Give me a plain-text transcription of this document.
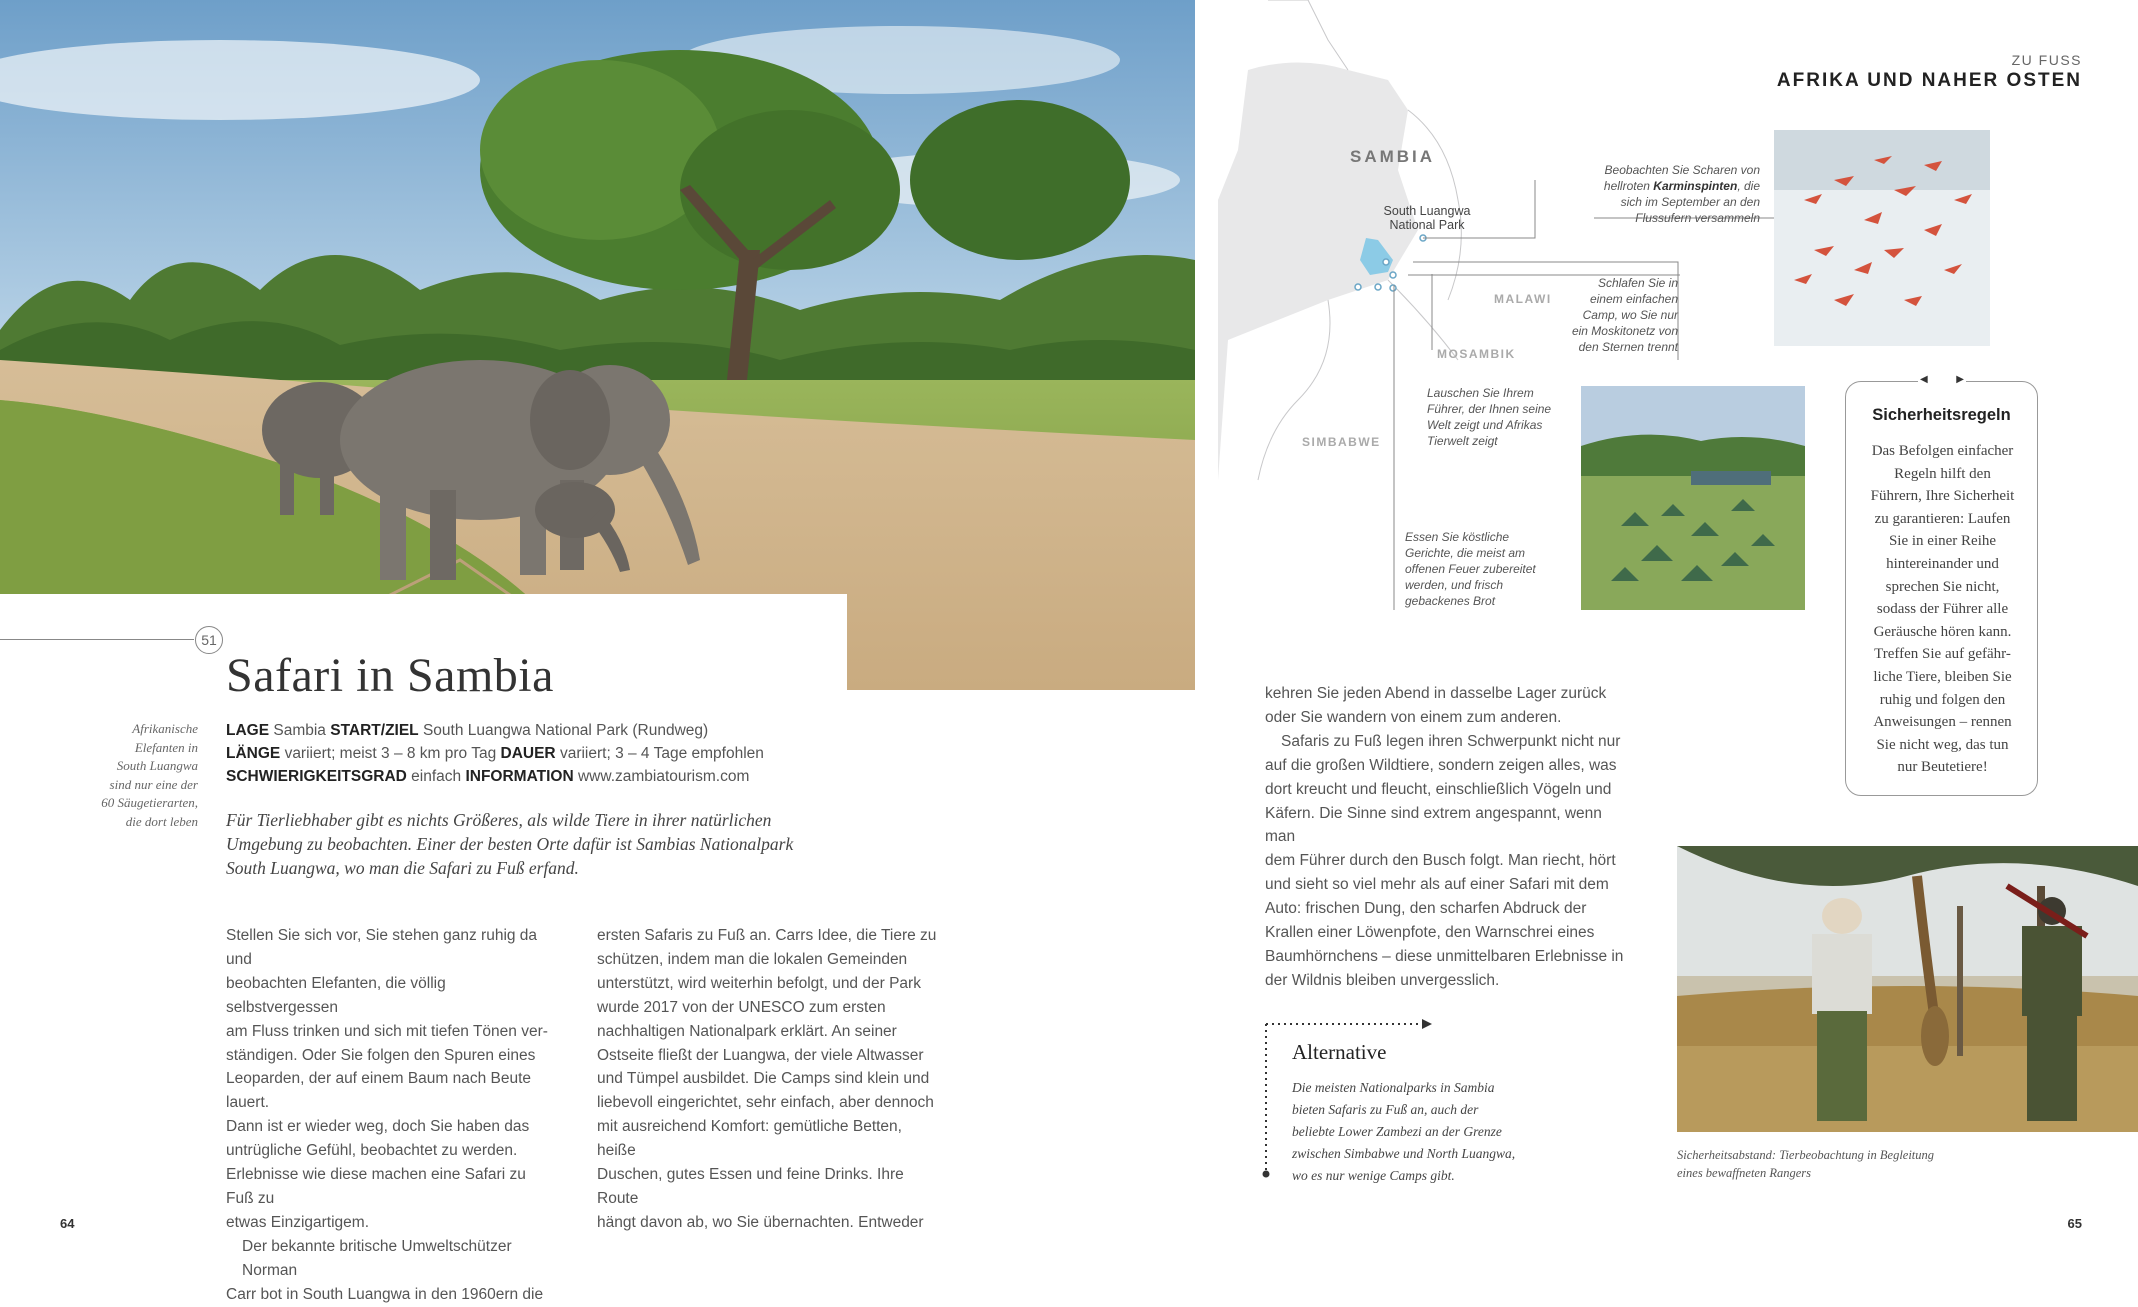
51
Safari in Sambia
Afrikanische
Elefanten in
South Luangwa
sind nur eine der
60 Säugetierarten,
die dort leben
LAGE Sambia START/ZIEL South Luangwa National Park (Rundweg)
LÄNGE variiert; meist 3 – 8 km pro Tag DAUER variiert; 3 – 4 Tage empfohlen
SCHWIERIGKEITSGRAD einfach INFORMATION www.zambiatourism.com
Für Tierliebhaber gibt es nichts Größeres, als wilde Tiere in ihrer natürlichen
Umgebung zu beobachten. Einer der besten Orte dafür ist Sambias Nationalpark
South Luangwa, wo man die Safari zu Fuß erfand.
Stellen Sie sich vor, Sie stehen ganz ruhig da und
beobachten Elefanten, die völlig selbstvergessen
am Fluss trinken und sich mit tiefen Tönen ver-
ständigen. Oder Sie folgen den Spuren eines
Leoparden, der auf einem Baum nach Beute lauert.
Dann ist er wieder weg, doch Sie haben das
untrügliche Gefühl, beobachtet zu werden.
Erlebnisse wie diese machen eine Safari zu Fuß zu
etwas Einzigartigem.
Der bekannte britische Umweltschützer Norman
Carr bot in South Luangwa in den 1960ern die
ersten Safaris zu Fuß an. Carrs Idee, die Tiere zu
schützen, indem man die lokalen Gemeinden
unterstützt, wird weiterhin befolgt, und der Park
wurde 2017 von der UNESCO zum ersten
nachhaltigen Nationalpark erklärt. An seiner
Ostseite fließt der Luangwa, der viele Altwasser
und Tümpel ausbildet. Die Camps sind klein und
liebevoll eingerichtet, sehr einfach, aber dennoch
mit ausreichend Komfort: gemütliche Betten, heiße
Duschen, gutes Essen und feine Drinks. Ihre Route
hängt davon ab, wo Sie übernachten. Entweder
64
SAMBIA
South Luangwa
National Park
MALAWI
MOSAMBIK
SIMBABWE
ZU FUSS
AFRIKA UND NAHER OSTEN
Beobachten Sie Scharen von
hellroten Karminspinten, die
sich im September an den
Flussufern versammeln
Schlafen Sie in
einem einfachen
Camp, wo Sie nur
ein Moskitonetz von
den Sternen trennt
Lauschen Sie Ihrem
Führer, der Ihnen seine
Welt zeigt und Afrikas
Tierwelt zeigt
Essen Sie köstliche
Gerichte, die meist am
offenen Feuer zubereitet
werden, und frisch
gebackenes Brot
kehren Sie jeden Abend in dasselbe Lager zurück
oder Sie wandern von einem zum anderen.
Safaris zu Fuß legen ihren Schwerpunkt nicht nur
auf die großen Wildtiere, sondern zeigen alles, was
dort kreucht und fleucht, einschließlich Vögeln und
Käfern. Die Sinne sind extrem angespannt, wenn man
dem Führer durch den Busch folgt. Man riecht, hört
und sieht so viel mehr als auf einer Safari mit dem
Auto: frischen Dung, den scharfen Abdruck der
Krallen einer Löwenpfote, den Warnschrei eines
Baumhörnchens – diese unmittelbaren Erlebnisse in
der Wildnis bleiben unvergesslich.
◀	▶
Sicherheitsregeln
Das Befolgen einfacher
Regeln hilft den
Führern, Ihre Sicherheit
zu garantieren: Laufen
Sie in einer Reihe
hintereinander und
sprechen Sie nicht,
sodass der Führer alle
Geräusche hören kann.
Treffen Sie auf gefähr-
liche Tiere, bleiben Sie
ruhig und folgen den
Anweisungen – rennen
Sie nicht weg, das tun
nur Beutetiere!
Sicherheitsabstand: Tierbeobachtung in Begleitung
eines bewaffneten Rangers
Alternative
Die meisten Nationalparks in Sambia
bieten Safaris zu Fuß an, auch der
beliebte Lower Zambezi an der Grenze
zwischen Simbabwe und North Luangwa,
wo es nur wenige Camps gibt.
65
